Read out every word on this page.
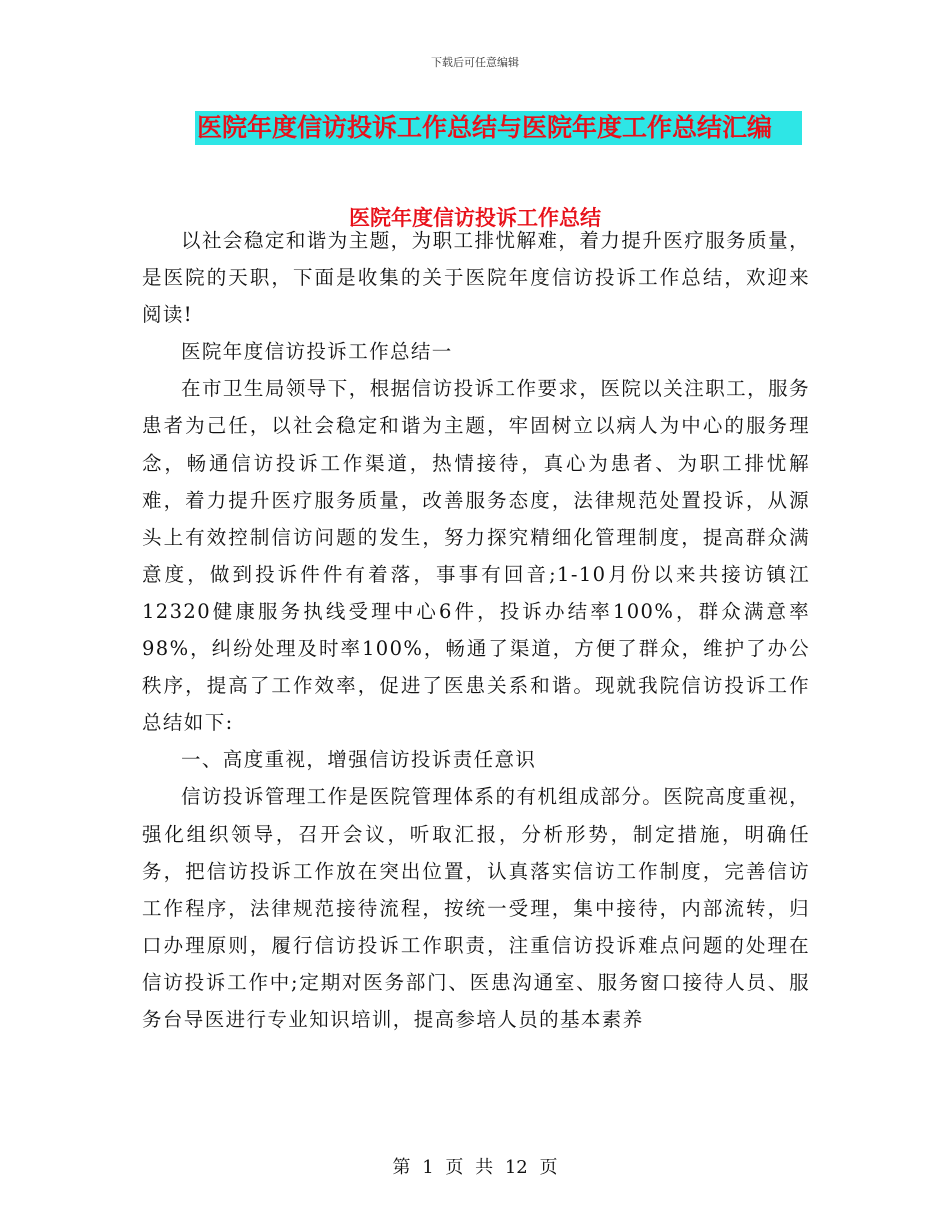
下载后可任意编辑
医院年度信访投诉工作总结与医院年度工作总结汇编
医院年度信访投诉工作总结

以社会稳定和谐为主题，为职工排忧解难，着力提升医疗服务质量，是医院的天职，下面是收集的关于医院年度信访投诉工作总结，欢迎来阅读!

医院年度信访投诉工作总结一

在市卫生局领导下，根据信访投诉工作要求，医院以关注职工，服务患者为己任，以社会稳定和谐为主题，牢固树立以病人为中心的服务理念，畅通信访投诉工作渠道，热情接待，真心为患者、为职工排忧解难，着力提升医疗服务质量，改善服务态度，法律规范处置投诉，从源头上有效控制信访问题的发生，努力探究精细化管理制度，提高群众满意度，做到投诉件件有着落，事事有回音;1-10月份以来共接访镇江12320健康服务执线受理中心6件，投诉办结率100%，群众满意率98%，纠纷处理及时率100%，畅通了渠道，方便了群众，维护了办公秩序，提高了工作效率，促进了医患关系和谐。现就我院信访投诉工作总结如下:

一、高度重视，增强信访投诉责任意识

信访投诉管理工作是医院管理体系的有机组成部分。医院高度重视，强化组织领导，召开会议，听取汇报，分析形势，制定措施，明确任务，把信访投诉工作放在突出位置，认真落实信访工作制度，完善信访工作程序，法律规范接待流程，按统一受理，集中接待，内部流转，归口办理原则，履行信访投诉工作职责，注重信访投诉难点问题的处理在信访投诉工作中;定期对医务部门、医患沟通室、服务窗口接待人员、服务台导医进行专业知识培训，提高参培人员的基本素养

第 1 页 共 12 页
